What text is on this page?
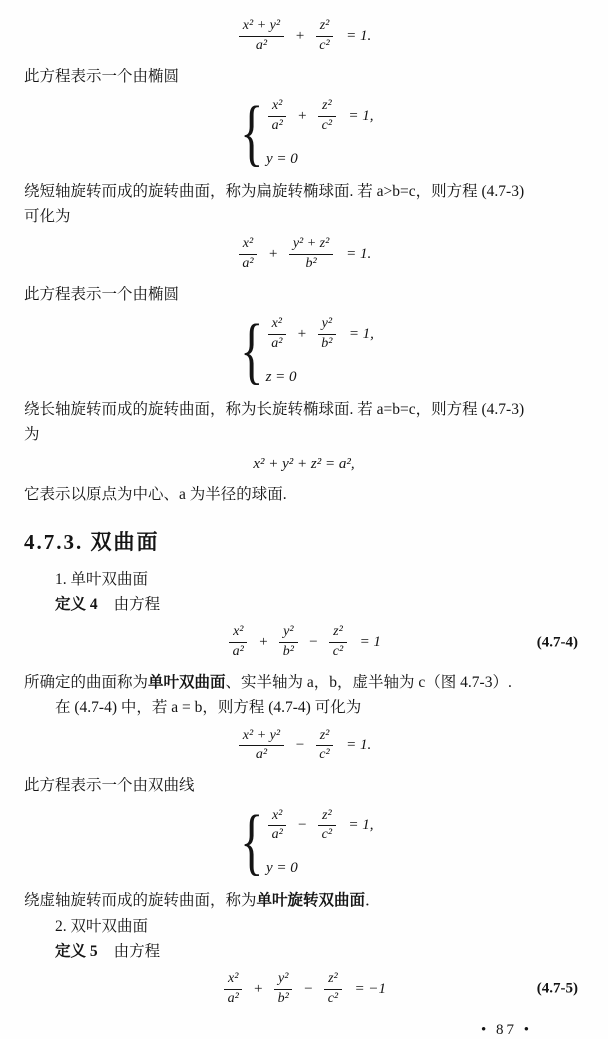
$\frac{\text{x² + y²}}{\text{a²}} + \frac{\text{z²}}{\text{c²}} = 1$.
此方程表示一个由椭圆
{ $\frac{\text{x²}}{\text{a²}} + \frac{\text{z²}}{\text{c²}} = 1$,
y = 0
绕短轴旋转而成的旋转曲面，称为扁旋转椭球面. 若 a>b=c，则方程 (4.7-3)
可化为
$\frac{\text{x²}}{\text{a²}} + \frac{\text{y² + z²}}{\text{b²}} = 1$.
此方程表示一个由椭圆
{ $\frac{\text{x²}}{\text{a²}} + \frac{\text{y²}}{\text{b²}} = 1$,
z = 0
绕长轴旋转而成的旋转曲面，称为长旋转椭球面. 若 a=b=c，则方程 (4.7-3)
为
x² + y² + z² = a²,
它表示以原点为中心、a 为半径的球面.
4.7.3. 双曲面
1. 单叶双曲面
定义 4 由方程
$\frac{\text{x²}}{\text{a²}} + \frac{\text{y²}}{\text{b²}} - \frac{\text{z²}}{\text{c²}} = 1$	(4.7-4)
所确定的曲面称为单叶双曲面、实半轴为 a，b，虚半轴为 c（图 4.7-3）.
在 (4.7-4) 中，若 a = b，则方程 (4.7-4) 可化为
$\frac{\text{x² + y²}}{\text{a²}} - \frac{\text{z²}}{\text{c²}} = 1$.
此方程表示一个由双曲线
{ $\frac{\text{x²}}{\text{a²}} - \frac{\text{z²}}{\text{c²}} = 1$,
y = 0
绕虚轴旋转而成的旋转曲面，称为单叶旋转双曲面．
2. 双叶双曲面
定义 5 由方程
$\frac{\text{x²}}{\text{a²}} + \frac{\text{y²}}{\text{b²}} - \frac{\text{z²}}{\text{c²}} = -1$	(4.7-5)
• 87 •
